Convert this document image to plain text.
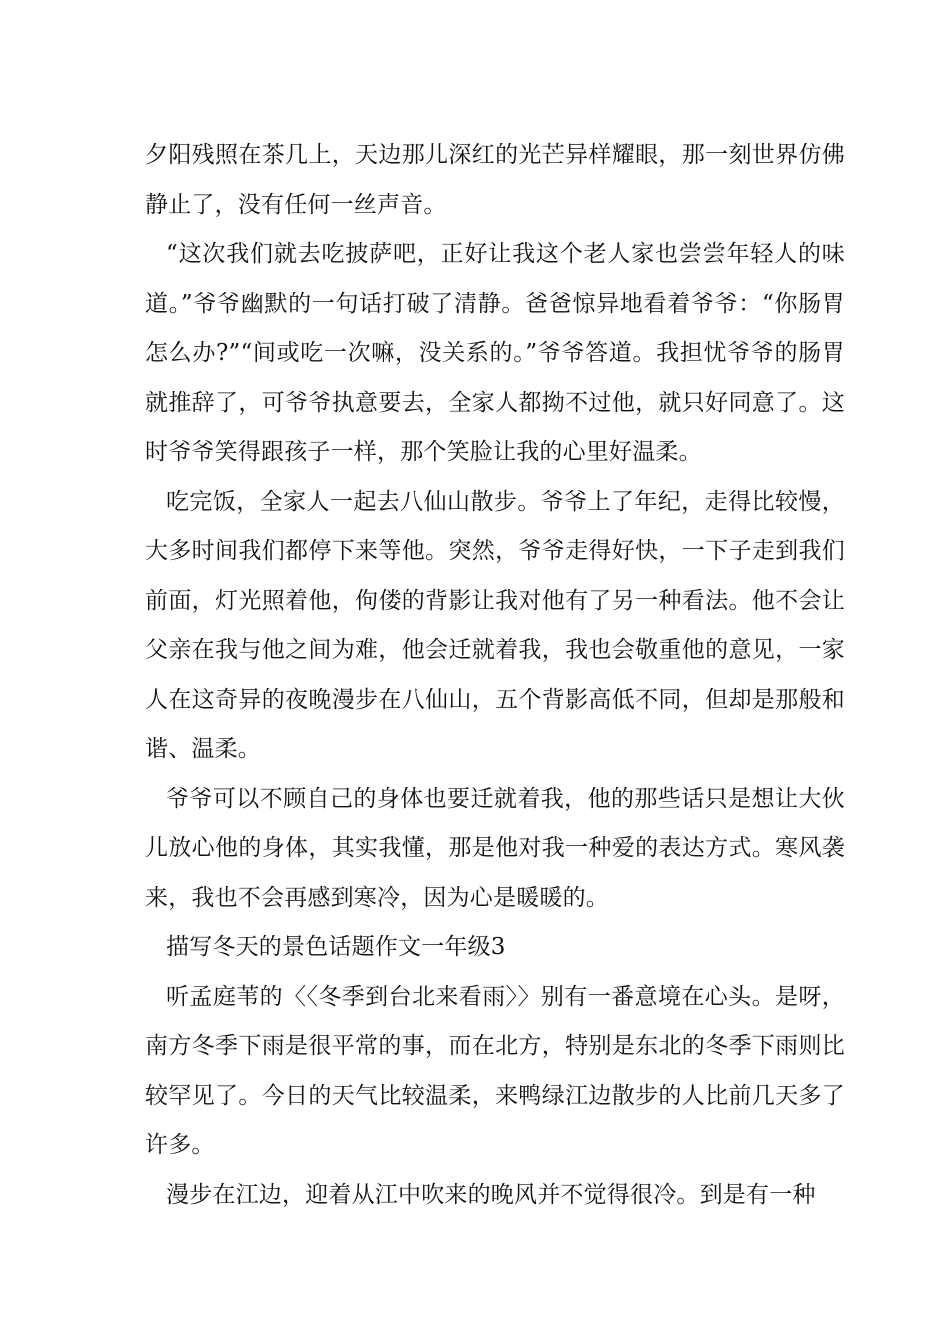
夕阳残照在茶几上，天边那儿深红的光芒异样耀眼，那一刻世界仿佛静止了，没有任何一丝声音。

“这次我们就去吃披萨吧，正好让我这个老人家也尝尝年轻人的味道。”爷爷幽默的一句话打破了清静。爸爸惊异地看着爷爷：“你肠胃怎么办?”“间或吃一次嘛，没关系的。”爷爷答道。我担忧爷爷的肠胃就推辞了，可爷爷执意要去，全家人都拗不过他，就只好同意了。这时爷爷笑得跟孩子一样，那个笑脸让我的心里好温柔。

吃完饭，全家人一起去八仙山散步。爷爷上了年纪，走得比较慢，大多时间我们都停下来等他。突然，爷爷走得好快，一下子走到我们前面，灯光照着他，佝偻的背影让我对他有了另一种看法。他不会让父亲在我与他之间为难，他会迁就着我，我也会敬重他的意见，一家人在这奇异的夜晚漫步在八仙山，五个背影高低不同，但却是那般和谐、温柔。

爷爷可以不顾自己的身体也要迁就着我，他的那些话只是想让大伙儿放心他的身体，其实我懂，那是他对我一种爱的表达方式。寒风袭来，我也不会再感到寒冷，因为心是暖暖的。

描写冬天的景色话题作文一年级3

听孟庭苇的〈〈冬季到台北来看雨〉〉别有一番意境在心头。是呀，南方冬季下雨是很平常的事，而在北方，特别是东北的冬季下雨则比较罕见了。今日的天气比较温柔，来鸭绿江边散步的人比前几天多了许多。

漫步在江边，迎着从江中吹来的晚风并不觉得很冷。到是有一种
